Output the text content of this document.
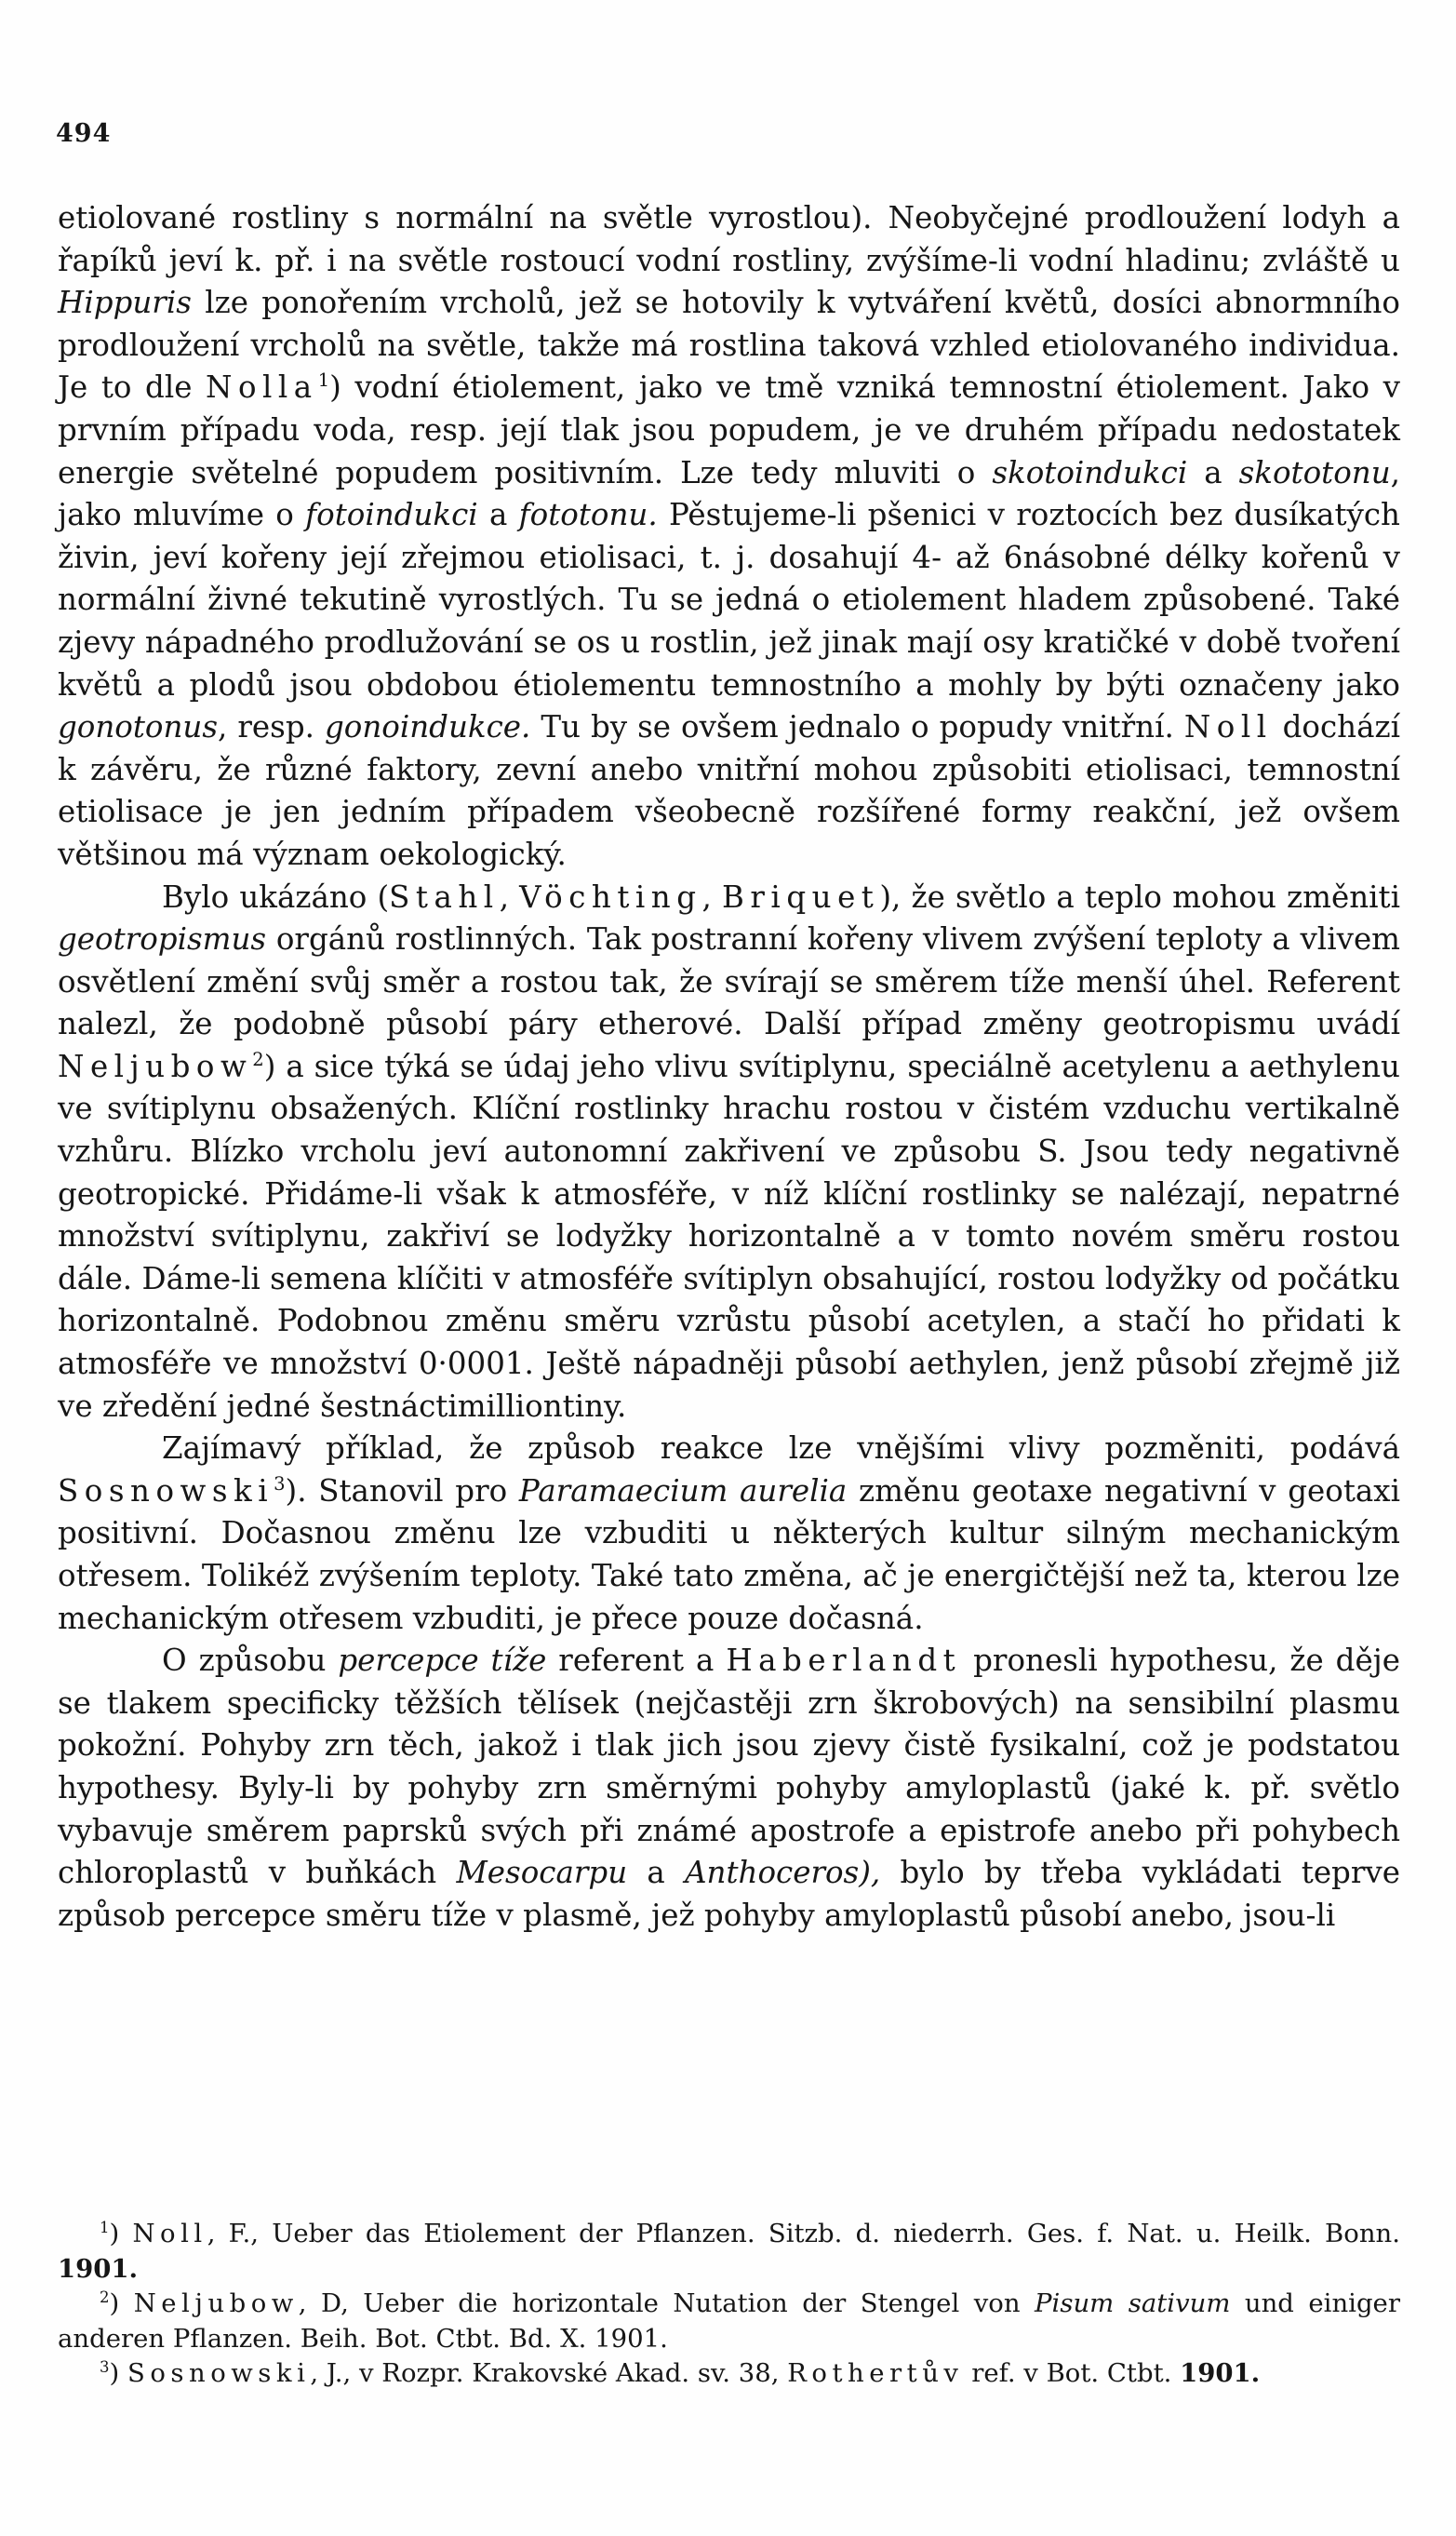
494

etiolované rostliny s normální na světle vyrostlou). Neobyčejné prodloužení lodyh a řapíků jeví k. př. i na světle rostoucí vodní rostliny, zvýšíme-li vodní hladinu; zvláště u Hippuris lze ponořením vrcholů, jež se hotovily k vytváření květů, dosíci abnormního prodloužení vrcholů na světle, takže má rostlina taková vzhled etiolovaného individua. Je to dle Nolla$^1$) vodní étiolement, jako ve tmě vzniká temnostní étiolement. Jako v prvním případu voda, resp. její tlak jsou popudem, je ve druhém případu nedostatek energie světelné popudem positivním. Lze tedy mluviti o skotoindukci a skototonu, jako mluvíme o fotoindukci a fototonu. Pěstujeme-li pšenici v roztocích bez dusíkatých živin, jeví kořeny její zřejmou etiolisaci, t. j. dosahují 4- až 6násobné délky kořenů v normální živné tekutině vyrostlých. Tu se jedná o etiolement hladem způsobené. Také zjevy nápadného prodlužování se os u rostlin, jež jinak mají osy kratičké v době tvoření květů a plodů jsou obdobou étiolementu temnostního a mohly by býti označeny jako gonotonus, resp. gonoindukce. Tu by se ovšem jednalo o popudy vnitřní. Noll dochází k závěru, že různé faktory, zevní anebo vnitřní mohou způsobiti etiolisaci, temnostní etiolisace je jen jedním případem všeobecně rozšířené formy reakční, jež ovšem většinou má význam oekologický.

Bylo ukázáno (Stahl, Vöchting, Briquet), že světlo a teplo mohou změniti geotropismus orgánů rostlinných. Tak postranní kořeny vlivem zvýšení teploty a vlivem osvětlení změní svůj směr a rostou tak, že svírají se směrem tíže menší úhel. Referent nalezl, že podobně působí páry etherové. Další případ změny geotropismu uvádí Neljubow$^2$) a sice týká se údaj jeho vlivu svítiplynu, speciálně acetylenu a aethylenu ve svítiplynu obsažených. Klíční rostlinky hrachu rostou v čistém vzduchu vertikalně vzhůru. Blízko vrcholu jeví autonomní zakřivení ve způsobu S. Jsou tedy negativně geotropické. Přidáme-li však k atmosféře, v níž klíční rostlinky se nalézají, nepatrné množství svítiplynu, zakřiví se lodyžky horizontalně a v tomto novém směru rostou dále. Dáme-li semena klíčiti v atmosféře svítiplyn obsahující, rostou lodyžky od počátku horizontalně. Podobnou změnu směru vzrůstu působí acetylen, a stačí ho přidati k atmosféře ve množství 0·0001. Ještě nápadněji působí aethylen, jenž působí zřejmě již ve zředění jedné šestnáctimilliontiny.

Zajímavý příklad, že způsob reakce lze vnějšími vlivy pozměniti, podává Sosnowski$^3$). Stanovil pro Paramaecium aurelia změnu geotaxe negativní v geotaxi positivní. Dočasnou změnu lze vzbuditi u některých kultur silným mechanickým otřesem. Tolikéž zvýšením teploty. Také tato změna, ač je energičtější než ta, kterou lze mechanickým otřesem vzbuditi, je přece pouze dočasná.

O způsobu percepce tíže referent a Haberlandt pronesli hypothesu, že děje se tlakem specificky těžších tělísek (nejčastěji zrn škrobových) na sensibilní plasmu pokožní. Pohyby zrn těch, jakož i tlak jich jsou zjevy čistě fysikalní, což je podstatou hypothesy. Byly-li by pohyby zrn směrnými pohyby amyloplastů (jaké k. př. světlo vybavuje směrem paprsků svých při známé apostrofe a epistrofe anebo při pohybech chloroplastů v buňkách Mesocarpu a Anthoceros), bylo by třeba vykládati teprve způsob percepce směru tíže v plasmě, jež pohyby amyloplastů působí anebo, jsou-li

$^1$) Noll, F., Ueber das Etiolement der Pflanzen. Sitzb. d. niederrh. Ges. f. Nat. u. Heilk. Bonn. 1901.

$^2$) Neljubow, D, Ueber die horizontale Nutation der Stengel von Pisum sativum und einiger anderen Pflanzen. Beih. Bot. Ctbt. Bd. X. 1901.

$^3$) Sosnowski, J., v Rozpr. Krakovské Akad. sv. 38, Rothertův ref. v Bot. Ctbt. 1901.
